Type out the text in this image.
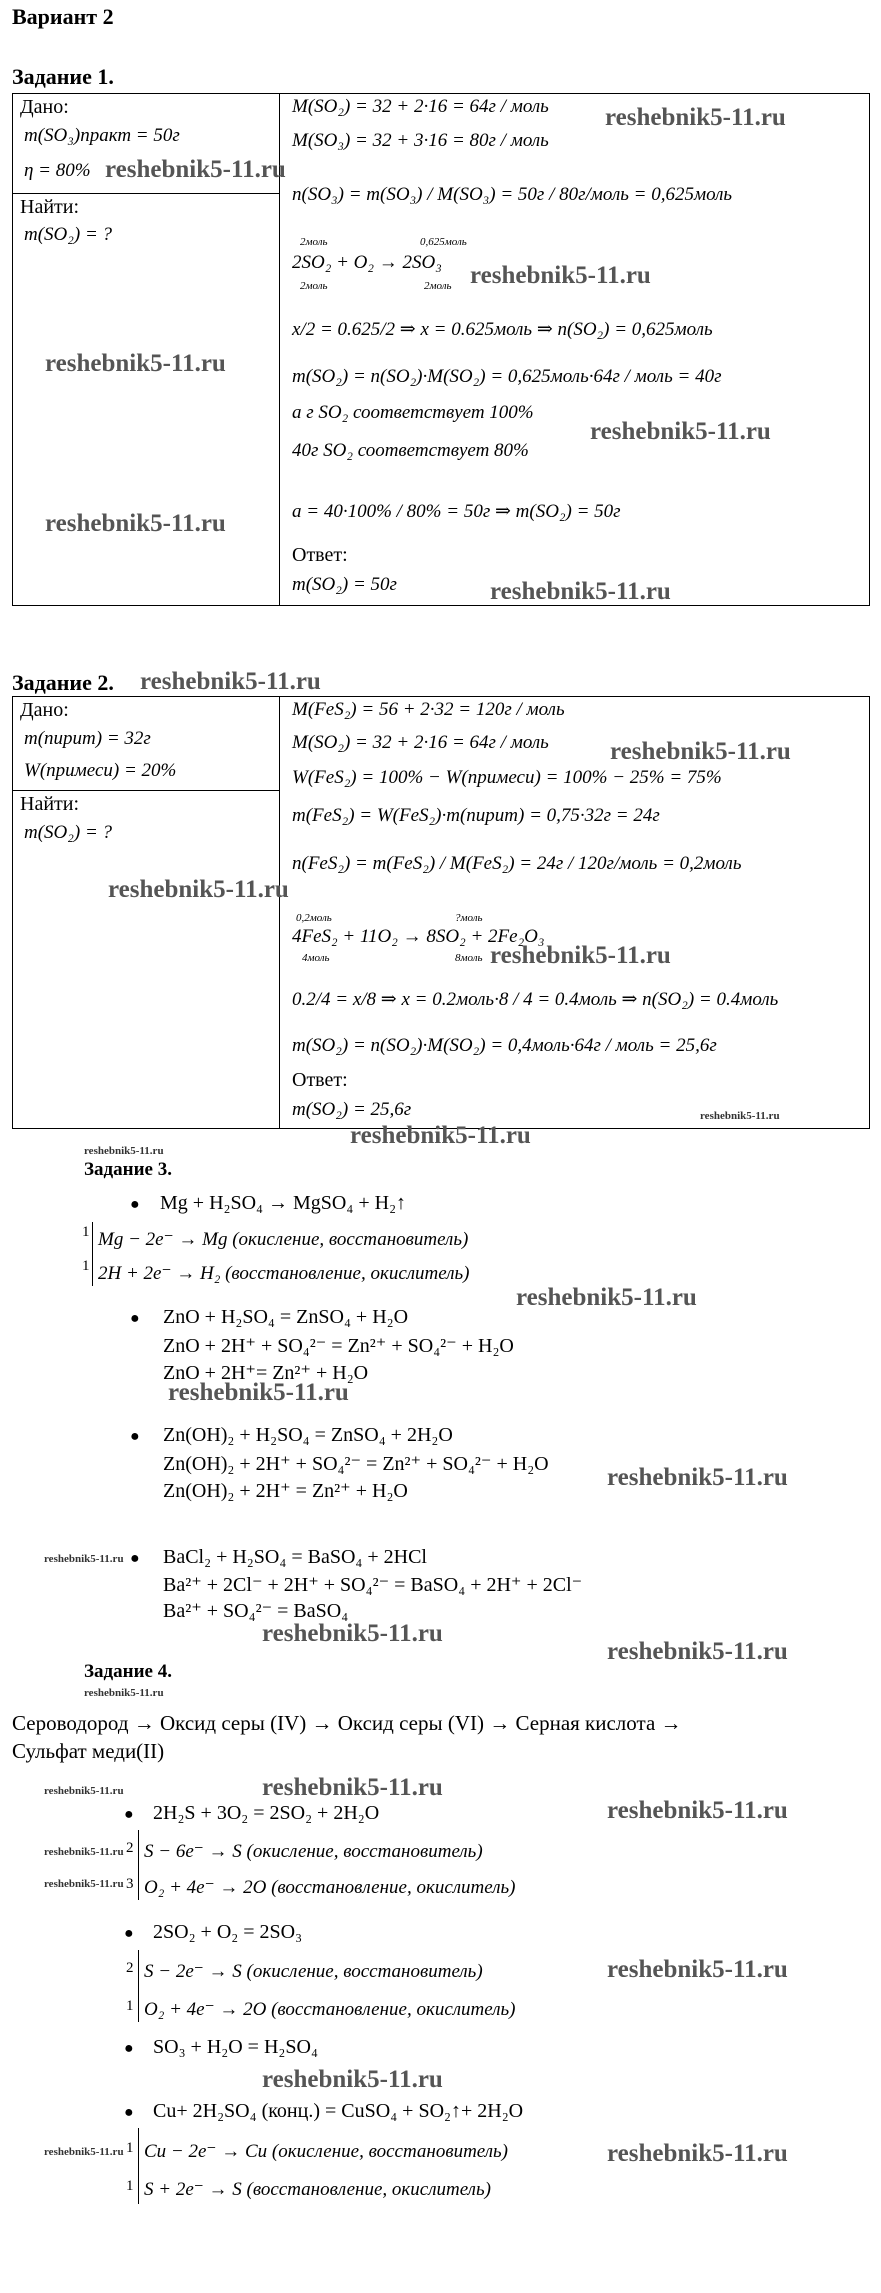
Вариант 2
Задание 1.
Дано:
m(SO₃)практ = 50г
η = 80%
Найти:
m(SO₂) = ?
M(SO₂) = 32 + 2·16 = 64г / моль
M(SO₃) = 32 + 3·16 = 80г / моль
n(SO₃) = m(SO₃) / M(SO₃) = 50г / 80г/моль = 0,625моль
2моль	0,625моль
2SO₂ + O₂ → 2SO₃
2моль	2моль
x/2 = 0.625/2 ⇒ x = 0.625моль ⇒ n(SO₂) = 0,625моль
m(SO₂) = n(SO₂)·M(SO₂) = 0,625моль·64г / моль = 40г
а г SO₂ соответствует 100%
40г SO₂ соответствует 80%
a = 40·100% / 80% = 50г ⇒ m(SO₂) = 50г
Ответ:
m(SO₂) = 50г
Задание 2.
Дано:
m(пирит) = 32г
W(примеси) = 20%
Найти:
m(SO₂) = ?
M(FeS₂) = 56 + 2·32 = 120г / моль
M(SO₂) = 32 + 2·16 = 64г / моль
W(FeS₂) = 100% − W(примеси) = 100% − 25% = 75%
m(FeS₂) = W(FeS₂)·m(пирит) = 0,75·32г = 24г
n(FeS₂) = m(FeS₂) / M(FeS₂) = 24г / 120г/моль = 0,2моль
0,2моль	?моль
4FeS₂ + 11O₂ → 8SO₂ + 2Fe₂O₃
4моль	8моль
0.2/4 = x/8 ⇒ x = 0.2моль·8 / 4 = 0.4моль ⇒ n(SO₂) = 0.4моль
m(SO₂) = n(SO₂)·M(SO₂) = 0,4моль·64г / моль = 25,6г
Ответ:
m(SO₂) = 25,6г
Задание 3.
● Mg + H₂SO₄ → MgSO₄ + H₂↑
1
1
Mg − 2e⁻ → Mg (окисление, восстановитель)
2H + 2e⁻ → H₂ (восстановление, окислитель)
● ZnO + H₂SO₄ = ZnSO₄ + H₂O
ZnO + 2H⁺ + SO₄²⁻ = Zn²⁺ + SO₄²⁻ + H₂O
ZnO + 2H⁺= Zn²⁺ + H₂O
● Zn(OH)₂ + H₂SO₄ = ZnSO₄ + 2H₂O
Zn(OH)₂ + 2H⁺ + SO₄²⁻ = Zn²⁺ + SO₄²⁻ + H₂O
Zn(OH)₂ + 2H⁺ = Zn²⁺ + H₂O
● BaCl₂ + H₂SO₄ = BaSO₄ + 2HCl
Ba²⁺ + 2Cl⁻ + 2H⁺ + SO₄²⁻ = BaSO₄ + 2H⁺ + 2Cl⁻
Ba²⁺ + SO₄²⁻ = BaSO₄
Задание 4.
Сероводород → Оксид серы (IV) → Оксид серы (VI) → Серная кислота →
Сульфат меди(II)
● 2H₂S + 3O₂ = 2SO₂ + 2H₂O
2
3
S − 6e⁻ → S (окисление, восстановитель)
O₂ + 4e⁻ → 2O (восстановление, окислитель)
● 2SO₂ + O₂ = 2SO₃
2
1
S − 2e⁻ → S (окисление, восстановитель)
O₂ + 4e⁻ → 2O (восстановление, окислитель)
● SO₃ + H₂O = H₂SO₄
● Cu+ 2H₂SO₄ (конц.) = CuSO₄ + SO₂↑+ 2H₂O
1
1
Cu − 2e⁻ → Cu (окисление, восстановитель)
S + 2e⁻ → S (восстановление, окислитель)
reshebnik5-11.ru
reshebnik5-11.ru
reshebnik5-11.ru
reshebnik5-11.ru
reshebnik5-11.ru
reshebnik5-11.ru
reshebnik5-11.ru
reshebnik5-11.ru
reshebnik5-11.ru
reshebnik5-11.ru
reshebnik5-11.ru
reshebnik5-11.ru
reshebnik5-11.ru
reshebnik5-11.ru
reshebnik5-11.ru
reshebnik5-11.ru
reshebnik5-11.ru
reshebnik5-11.ru
reshebnik5-11.ru
reshebnik5-11.ru
reshebnik5-11.ru
reshebnik5-11.ru	reshebnik5-11.ru
reshebnik5-11.ru
reshebnik5-11.ru
reshebnik5-11.ru
reshebnik5-11.ru
reshebnik5-11.ru
reshebnik5-11.ru
reshebnik5-11.ru
